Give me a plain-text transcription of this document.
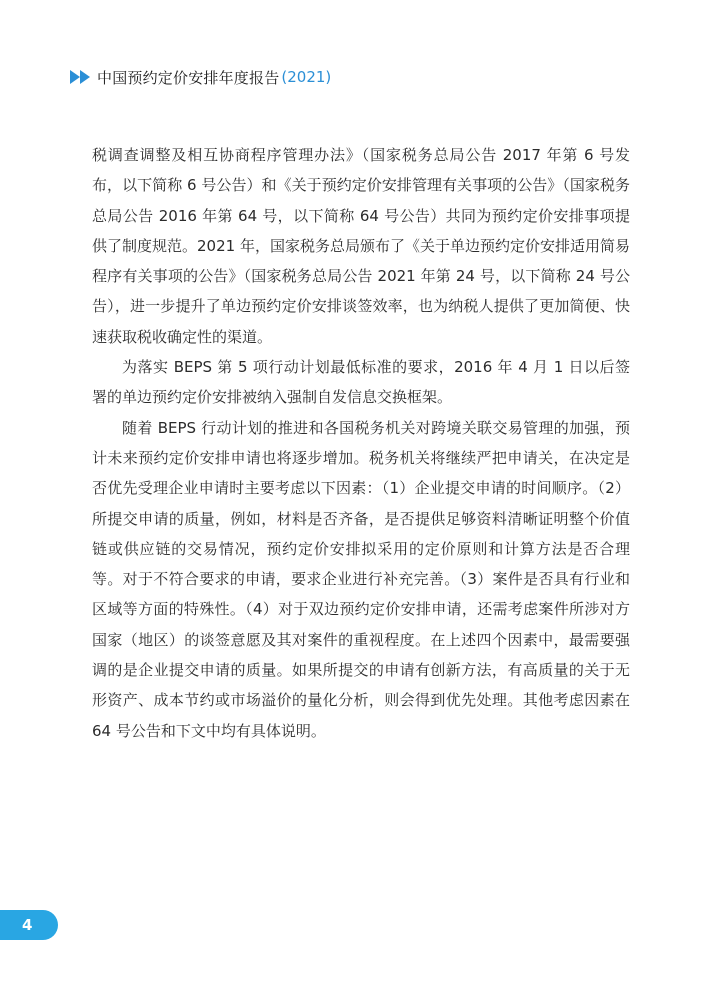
中国预约定价安排年度报告 (2021)

税调查调整及相互协商程序管理办法》（国家税务总局公告 2017 年第 6 号发布，以下简称 6 号公告）和《关于预约定价安排管理有关事项的公告》（国家税务总局公告 2016 年第 64 号，以下简称 64 号公告）共同为预约定价安排事项提供了制度规范。2021 年，国家税务总局颁布了《关于单边预约定价安排适用简易程序有关事项的公告》（国家税务总局公告 2021 年第 24 号，以下简称 24 号公告），进一步提升了单边预约定价安排谈签效率，也为纳税人提供了更加简便、快速获取税收确定性的渠道。

为落实 BEPS 第 5 项行动计划最低标准的要求，2016 年 4 月 1 日以后签署的单边预约定价安排被纳入强制自发信息交换框架。

随着 BEPS 行动计划的推进和各国税务机关对跨境关联交易管理的加强，预计未来预约定价安排申请也将逐步增加。税务机关将继续严把申请关，在决定是否优先受理企业申请时主要考虑以下因素：（1）企业提交申请的时间顺序。（2）所提交申请的质量，例如，材料是否齐备，是否提供足够资料清晰证明整个价值链或供应链的交易情况，预约定价安排拟采用的定价原则和计算方法是否合理等。对于不符合要求的申请，要求企业进行补充完善。（3）案件是否具有行业和区域等方面的特殊性。（4）对于双边预约定价安排申请，还需考虑案件所涉对方国家（地区）的谈签意愿及其对案件的重视程度。在上述四个因素中，最需要强调的是企业提交申请的质量。如果所提交的申请有创新方法，有高质量的关于无形资产、成本节约或市场溢价的量化分析，则会得到优先处理。其他考虑因素在 64 号公告和下文中均有具体说明。

4
